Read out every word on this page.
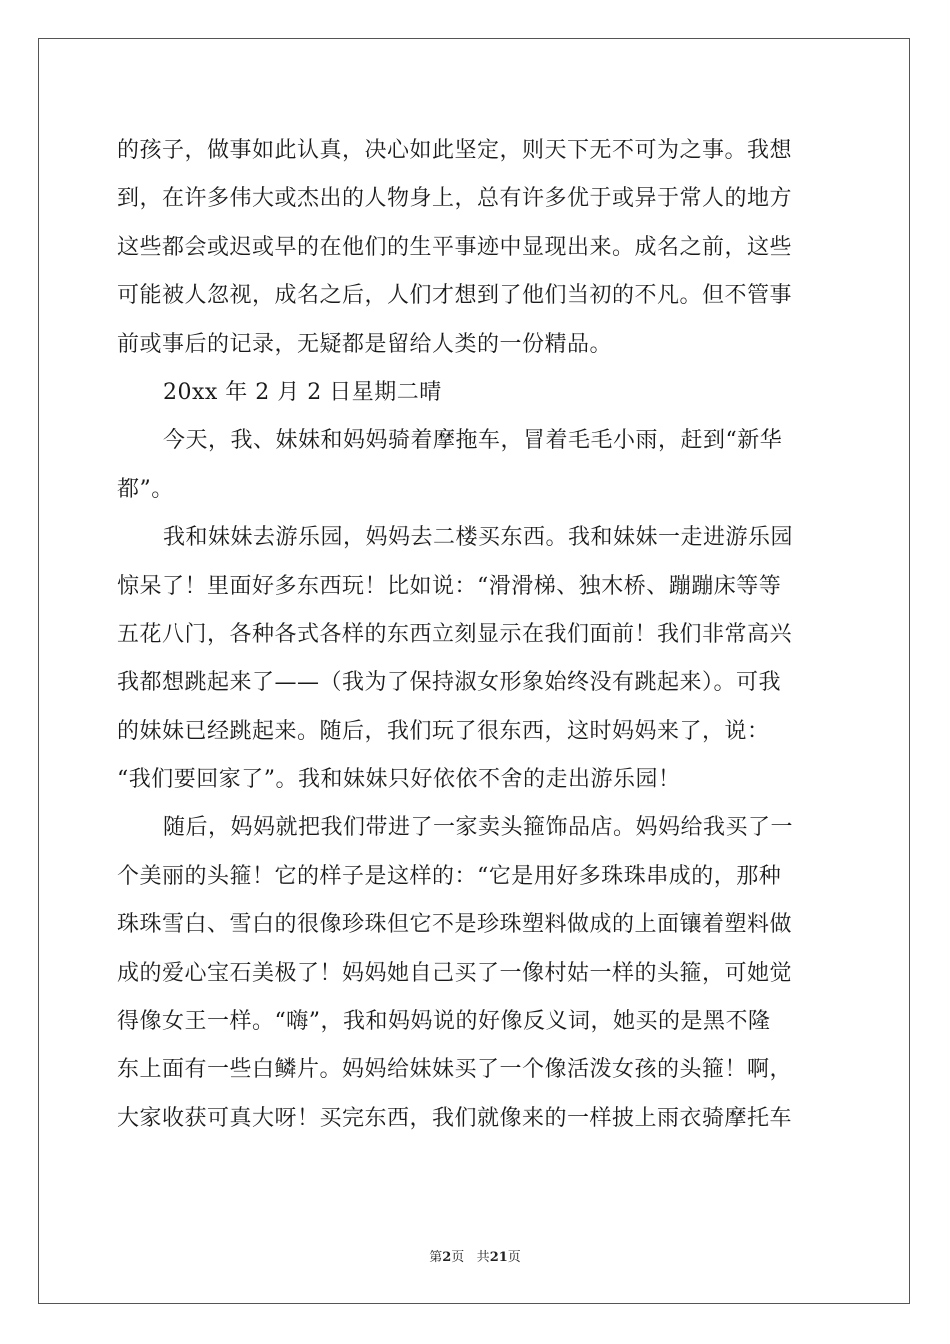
的孩子，做事如此认真，决心如此坚定，则天下无不可为之事。我想
到，在许多伟大或杰出的人物身上，总有许多优于或异于常人的地方
这些都会或迟或早的在他们的生平事迹中显现出来。成名之前，这些
可能被人忽视，成名之后，人们才想到了他们当初的不凡。但不管事
前或事后的记录，无疑都是留给人类的一份精品。
20xx 年 2 月 2 日星期二晴
今天，我、妹妹和妈妈骑着摩拖车，冒着毛毛小雨，赶到“新华
都”。
我和妹妹去游乐园，妈妈去二楼买东西。我和妹妹一走进游乐园
惊呆了！里面好多东西玩！比如说：“滑滑梯、独木桥、蹦蹦床等等
五花八门，各种各式各样的东西立刻显示在我们面前！我们非常高兴
我都想跳起来了——（我为了保持淑女形象始终没有跳起来）。可我
的妹妹已经跳起来。随后，我们玩了很东西，这时妈妈来了，说：
“我们要回家了”。我和妹妹只好依依不舍的走出游乐园！
随后，妈妈就把我们带进了一家卖头箍饰品店。妈妈给我买了一
个美丽的头箍！它的样子是这样的：“它是用好多珠珠串成的，那种
珠珠雪白、雪白的很像珍珠但它不是珍珠塑料做成的上面镶着塑料做
成的爱心宝石美极了！妈妈她自己买了一像村姑一样的头箍，可她觉
得像女王一样。“嗨”，我和妈妈说的好像反义词，她买的是黑不隆
东上面有一些白鳞片。妈妈给妹妹买了一个像活泼女孩的头箍！啊，
大家收获可真大呀！买完东西，我们就像来的一样披上雨衣骑摩托车
第2页 共21页
